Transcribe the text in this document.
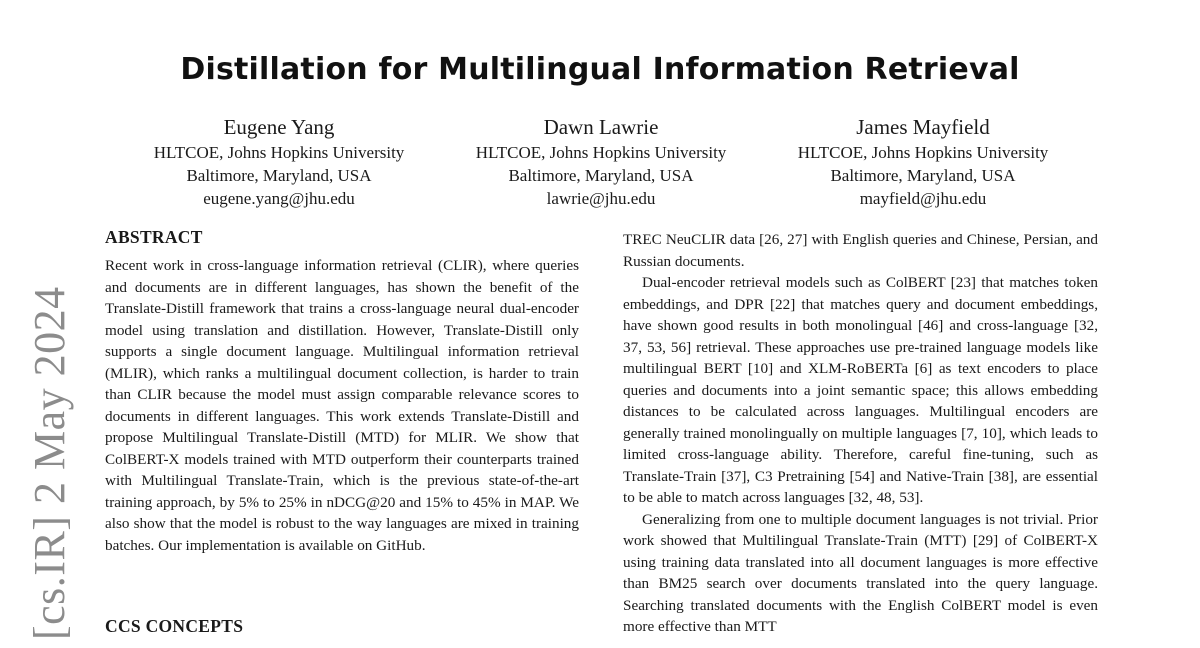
[cs.IR] 2 May 2024
Distillation for Multilingual Information Retrieval
Eugene Yang
HLTCOE, Johns Hopkins University
Baltimore, Maryland, USA
eugene.yang@jhu.edu
Dawn Lawrie
HLTCOE, Johns Hopkins University
Baltimore, Maryland, USA
lawrie@jhu.edu
James Mayfield
HLTCOE, Johns Hopkins University
Baltimore, Maryland, USA
mayfield@jhu.edu
ABSTRACT

Recent work in cross-language information retrieval (CLIR), where queries and documents are in different languages, has shown the benefit of the Translate-Distill framework that trains a cross-language neural dual-encoder model using translation and distillation. However, Translate-Distill only supports a single document language. Multilingual information retrieval (MLIR), which ranks a multilingual document collection, is harder to train than CLIR because the model must assign comparable relevance scores to documents in different languages. This work extends Translate-Distill and propose Multilingual Translate-Distill (MTD) for MLIR. We show that ColBERT-X models trained with MTD outperform their counterparts trained with Multilingual Translate-Train, which is the previous state-of-the-art training approach, by 5% to 25% in nDCG@20 and 15% to 45% in MAP. We also show that the model is robust to the way languages are mixed in training batches. Our implementation is available on GitHub.

CCS CONCEPTS

TREC NeuCLIR data [26, 27] with English queries and Chinese, Persian, and Russian documents.

Dual-encoder retrieval models such as ColBERT [23] that matches token embeddings, and DPR [22] that matches query and document embeddings, have shown good results in both monolingual [46] and cross-language [32, 37, 53, 56] retrieval. These approaches use pre-trained language models like multilingual BERT [10] and XLM-RoBERTa [6] as text encoders to place queries and documents into a joint semantic space; this allows embedding distances to be calculated across languages. Multilingual encoders are generally trained monolingually on multiple languages [7, 10], which leads to limited cross-language ability. Therefore, careful fine-tuning, such as Translate-Train [37], C3 Pretraining [54] and Native-Train [38], are essential to be able to match across languages [32, 48, 53].

Generalizing from one to multiple document languages is not trivial. Prior work showed that Multilingual Translate-Train (MTT) [29] of ColBERT-X using training data translated into all document languages is more effective than BM25 search over documents translated into the query language. Searching translated documents with the English ColBERT model is even more effective than MTT
